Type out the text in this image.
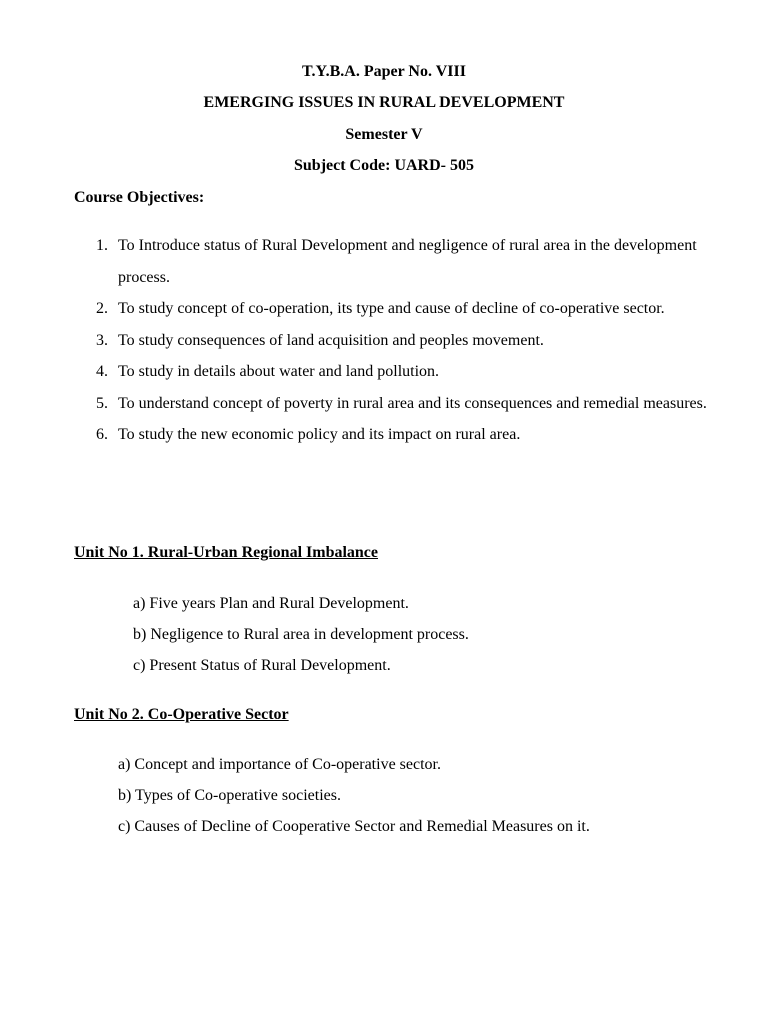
T.Y.B.A. Paper No. VIII
EMERGING ISSUES IN RURAL DEVELOPMENT
Semester V
Subject Code: UARD- 505
Course Objectives:
1. To Introduce status of Rural Development and negligence of rural area in the development process.
2. To study concept of co-operation, its type and cause of decline of co-operative sector.
3. To study consequences of land acquisition and peoples movement.
4. To study in details about water and land pollution.
5. To understand concept of poverty in rural area and its consequences and remedial measures.
6. To study the new economic policy and its impact on rural area.
Unit No 1. Rural-Urban Regional Imbalance
a) Five years Plan and Rural Development.
b) Negligence to Rural area in development process.
c) Present Status of Rural Development.
Unit No 2. Co-Operative Sector
a) Concept and importance of Co-operative sector.
b) Types of Co-operative societies.
c) Causes of Decline of Cooperative Sector and Remedial Measures on it.
